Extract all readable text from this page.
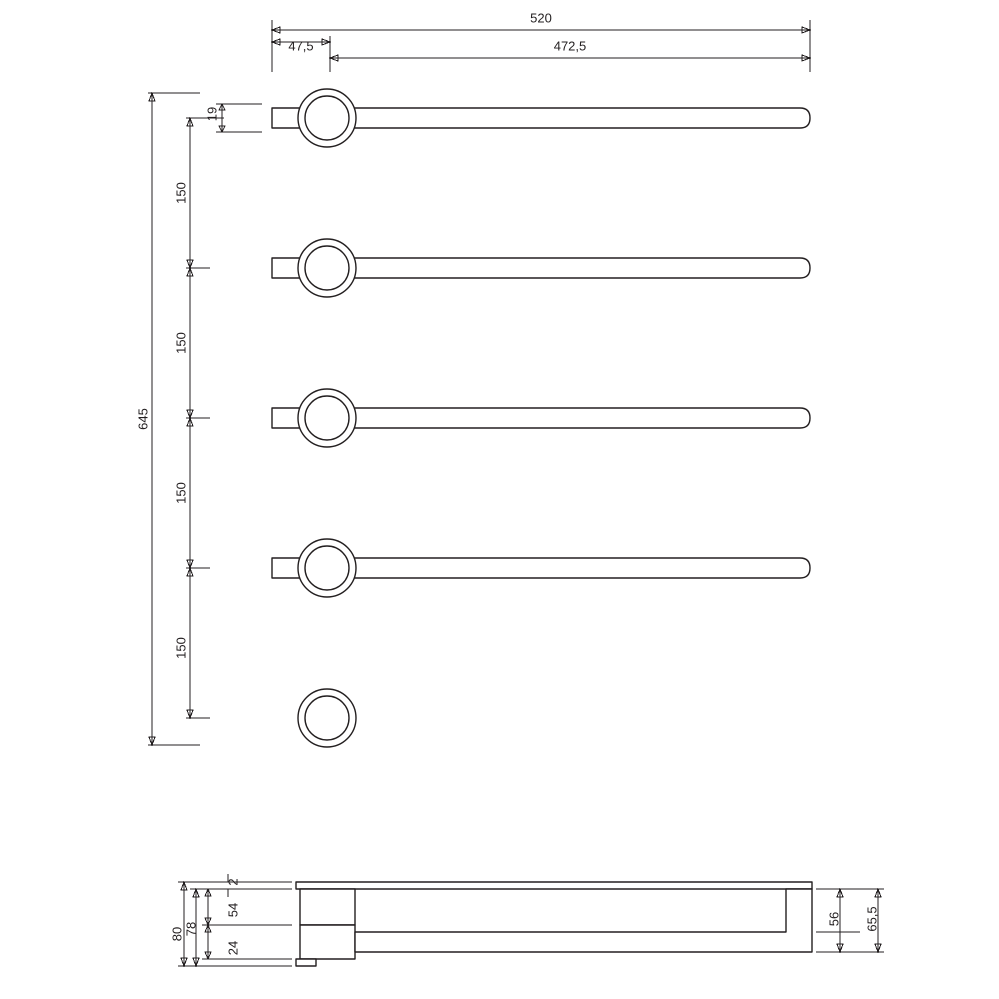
520
47,5	472,5
645
150
150
150
150
19
2
80 78
54
24
56 65,5
